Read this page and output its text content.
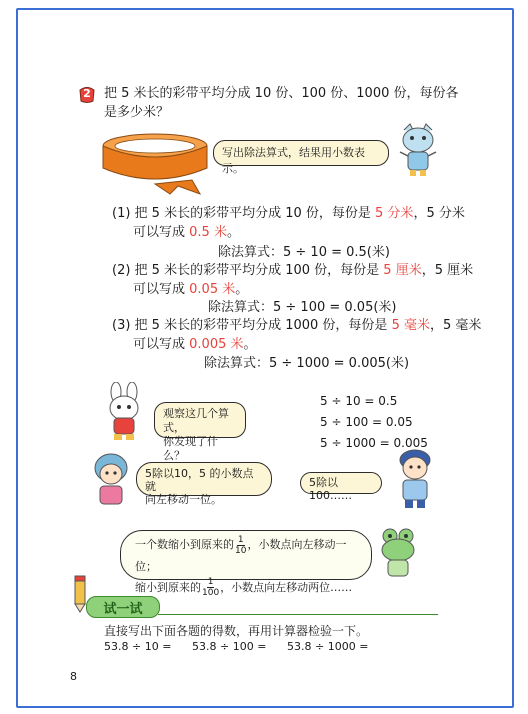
2	把 5 米长的彩带平均分成 10 份、100 份、1000 份，每份各
是多少米？
写出除法算式，结果用小数表示。
(1) 把 5 米长的彩带平均分成 10 份，每份是 5 分米，5 分米
可以写成 0.5 米。
除法算式：5 ÷ 10 = 0.5(米)
(2) 把 5 米长的彩带平均分成 100 份，每份是 5 厘米，5 厘米
可以写成 0.05 米。
除法算式：5 ÷ 100 = 0.05(米)
(3) 把 5 米长的彩带平均分成 1000 份，每份是 5 毫米，5 毫米
可以写成 0.005 米。
除法算式：5 ÷ 1000 = 0.005(米)
观察这几个算式，
你发现了什么？
5 ÷ 10 = 0.5
5 ÷ 100 = 0.05
5 ÷ 1000 = 0.005
5除以10，5 的小数点就
向左移动一位。
5除以100……
一个数缩小到原来的 $\frac{1}{10}$ ，小数点向左移动一位；
缩小到原来的 $\frac{1}{100}$ ，小数点向左移动两位……
试一试
直接写出下面各题的得数，再用计算器检验一下。
53.8 ÷ 10 = 53.8 ÷ 100 = 53.8 ÷ 1000 =
8
